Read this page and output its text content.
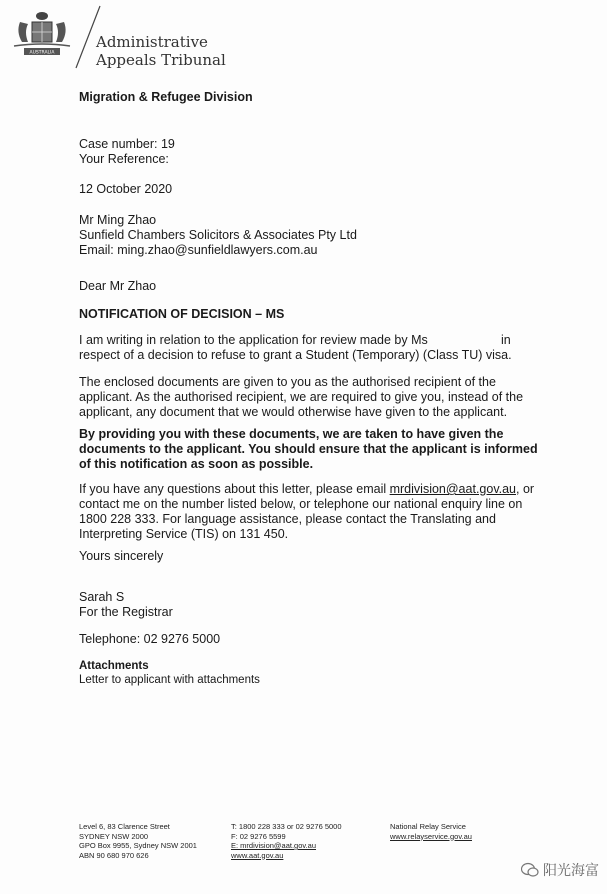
AUSTRALIA
Administrative
Appeals Tribunal
Migration & Refugee Division
Case number: 19
Your Reference:
12 October 2020
Mr Ming Zhao
Sunfield Chambers Solicitors & Associates Pty Ltd
Email: ming.zhao@sunfieldlawyers.com.au
Dear Mr Zhao
NOTIFICATION OF DECISION – MS
I am writing in relation to the application for review made by Ms	in
respect of a decision to refuse to grant a Student (Temporary) (Class TU) visa.
The enclosed documents are given to you as the authorised recipient of the applicant. As the authorised recipient, we are required to give you, instead of the applicant, any document that we would otherwise have given to the applicant.
By providing you with these documents, we are taken to have given the documents to the applicant. You should ensure that the applicant is informed of this notification as soon as possible.
If you have any questions about this letter, please email mrdivision@aat.gov.au, or contact me on the number listed below, or telephone our national enquiry line on 1800 228 333. For language assistance, please contact the Translating and Interpreting Service (TIS) on 131 450.
Yours sincerely
Sarah S
For the Registrar
Telephone: 02 9276 5000
Attachments
Letter to applicant with attachments
Level 6, 83 Clarence Street
SYDNEY NSW 2000
GPO Box 9955, Sydney NSW 2001
ABN 90 680 970 626
T: 1800 228 333 or 02 9276 5000
F: 02 9276 5599
E: mrdivision@aat.gov.au
www.aat.gov.au
National Relay Service
www.relayservice.gov.au
阳光海富
